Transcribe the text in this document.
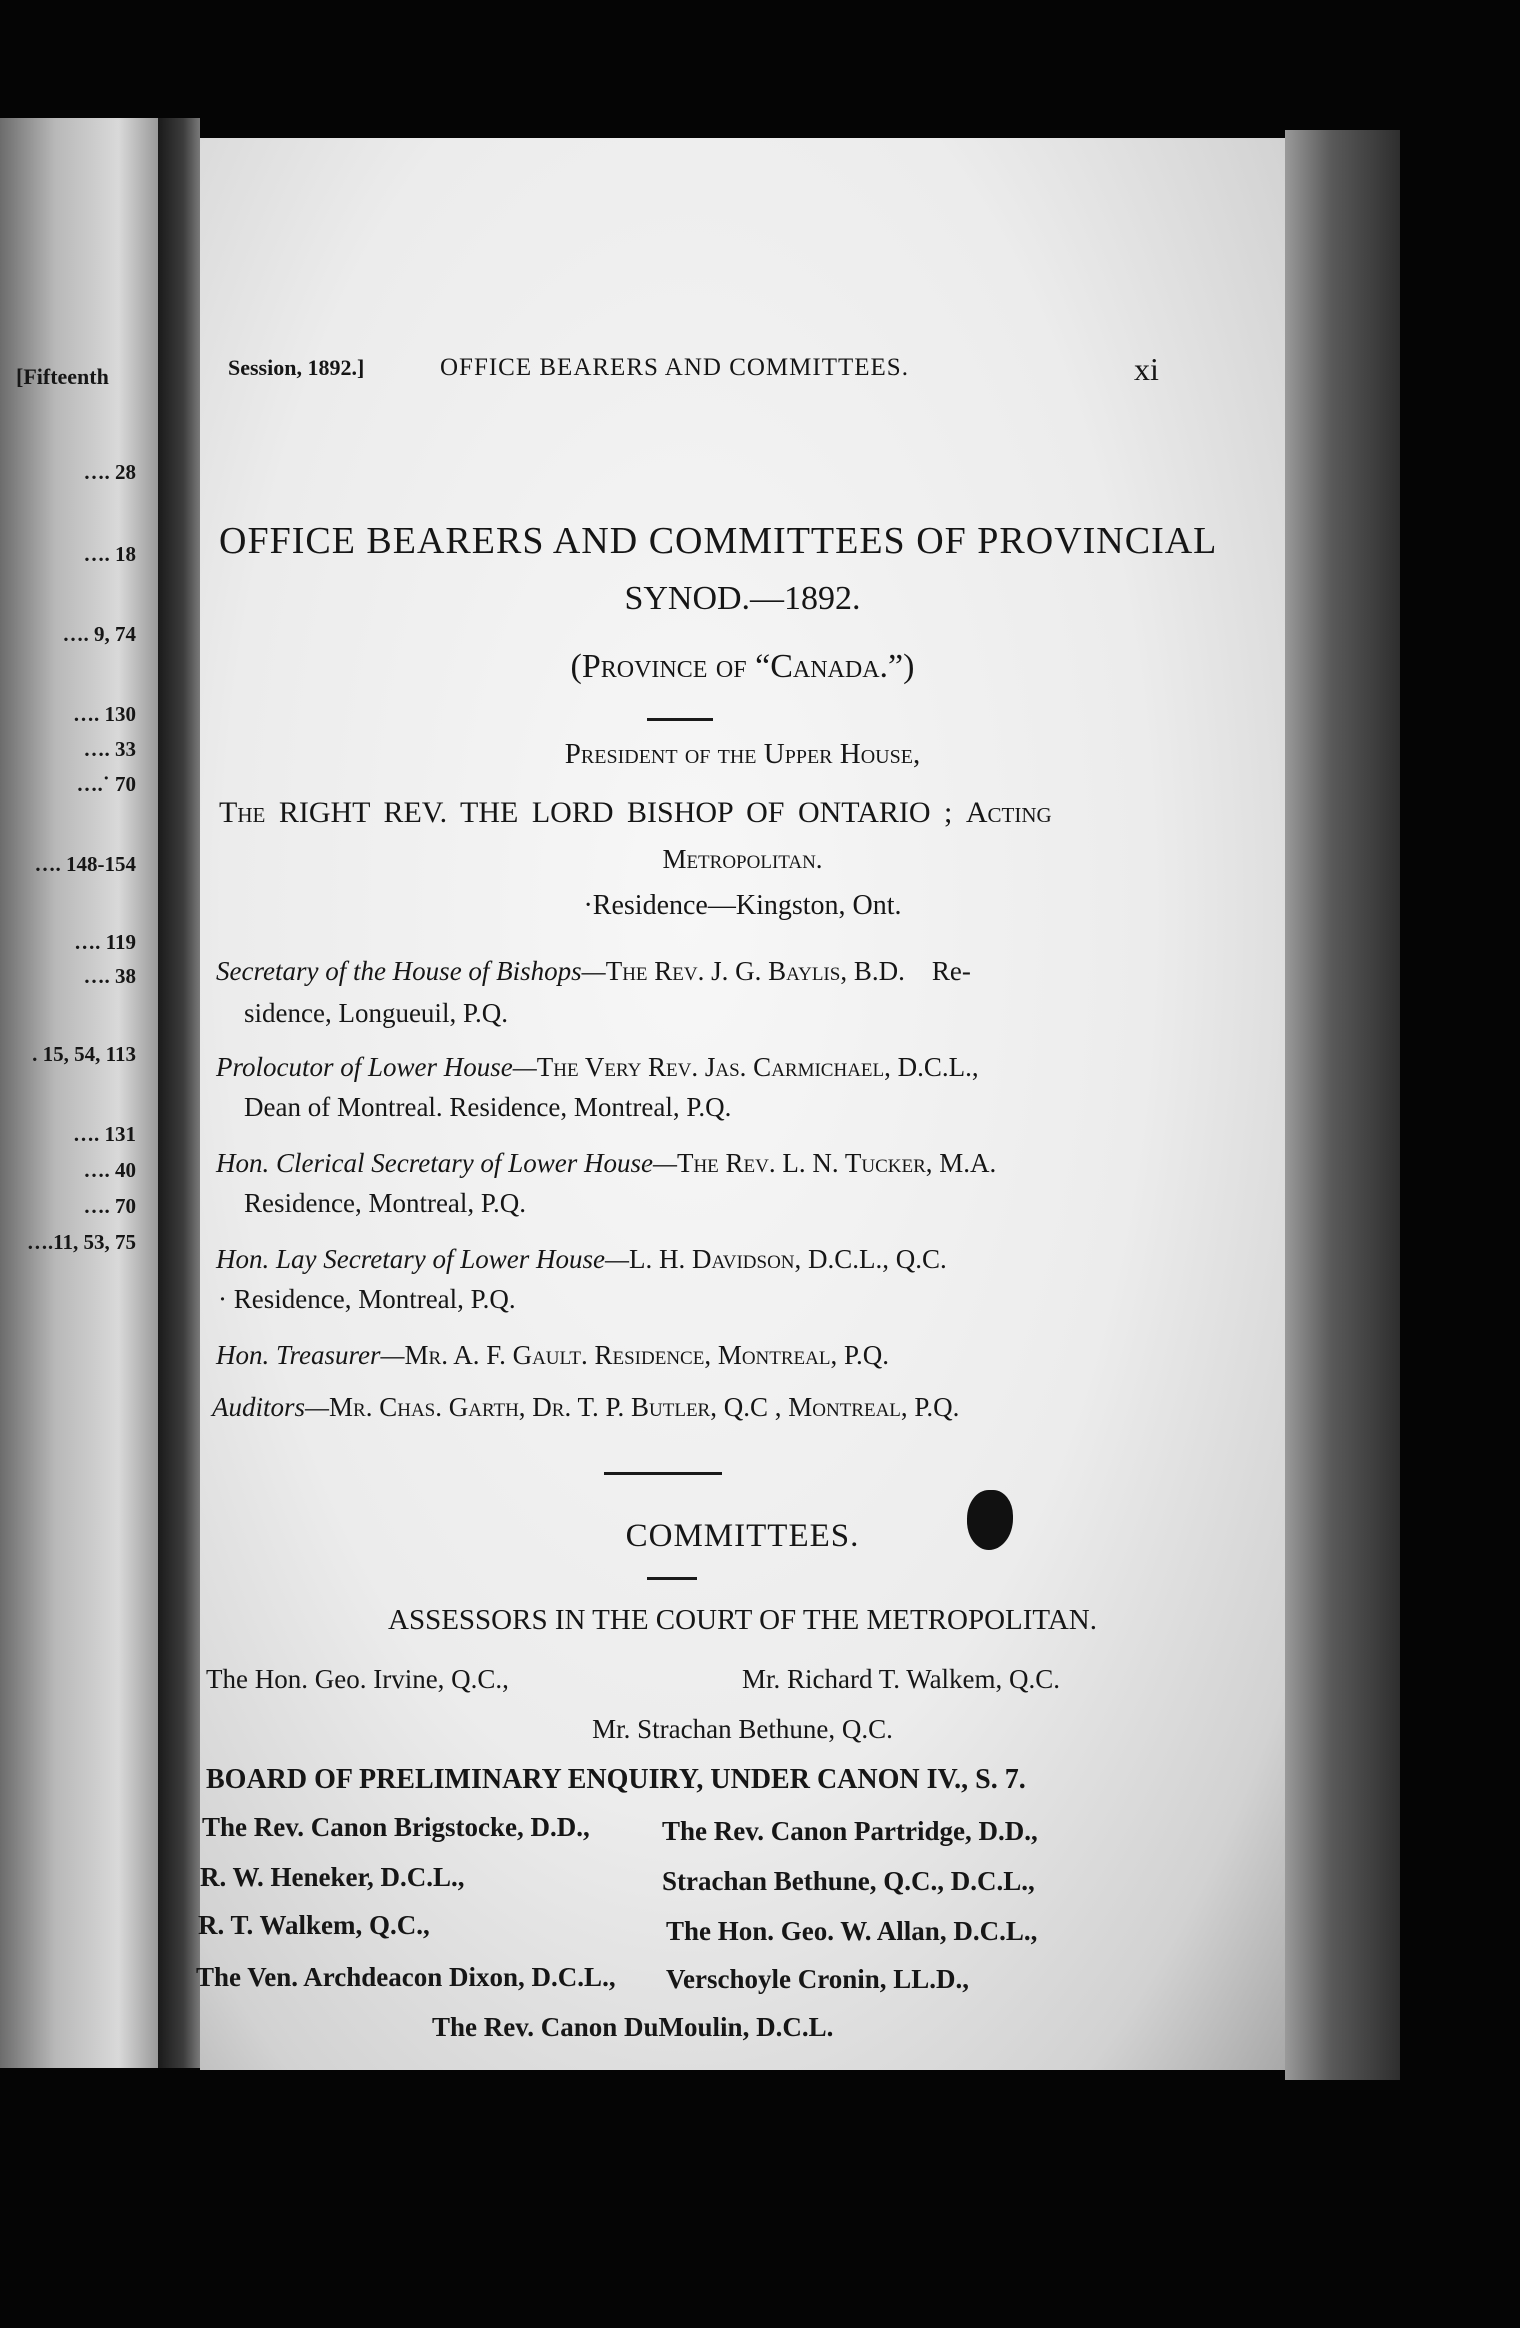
[Fifteenth
…. 28
…. 18
…. 9, 74
…. 130
…. 33
….˙ 70
…. 148-154
…. 119
…. 38
. 15, 54, 113
…. 131
…. 40
…. 70
….11, 53, 75
Session, 1892.]	OFFICE BEARERS AND COMMITTEES.	xi
OFFICE BEARERS AND COMMITTEES OF PROVINCIAL
SYNOD.—1892.
(Province of “Canada.”)
President of the Upper House,
The RIGHT REV. THE LORD BISHOP OF ONTARIO ; Acting
Metropolitan.
·Residence—Kingston, Ont.
Secretary of the House of Bishops—The Rev. J. G. Baylis, B.D. Re-
sidence, Longueuil, P.Q.
Prolocutor of Lower House—The Very Rev. Jas. Carmichael, D.C.L.,
Dean of Montreal. Residence, Montreal, P.Q.
Hon. Clerical Secretary of Lower House—The Rev. L. N. Tucker, M.A.
Residence, Montreal, P.Q.
Hon. Lay Secretary of Lower House—L. H. Davidson, D.C.L., Q.C.
· Residence, Montreal, P.Q.
Hon. Treasurer—Mr. A. F. Gault. Residence, Montreal, P.Q.
Auditors—Mr. Chas. Garth, Dr. T. P. Butler, Q.C , Montreal, P.Q.
COMMITTEES.
ASSESSORS IN THE COURT OF THE METROPOLITAN.
The Hon. Geo. Irvine, Q.C.,	Mr. Richard T. Walkem, Q.C.
Mr. Strachan Bethune, Q.C.
BOARD OF PRELIMINARY ENQUIRY, UNDER CANON IV., S. 7.
The Rev. Canon Brigstocke, D.D.,	The Rev. Canon Partridge, D.D.,
R. W. Heneker, D.C.L.,	Strachan Bethune, Q.C., D.C.L.,
R. T. Walkem, Q.C.,	The Hon. Geo. W. Allan, D.C.L.,
The Ven. Archdeacon Dixon, D.C.L., Verschoyle Cronin, LL.D.,
The Rev. Canon DuMoulin, D.C.L.
